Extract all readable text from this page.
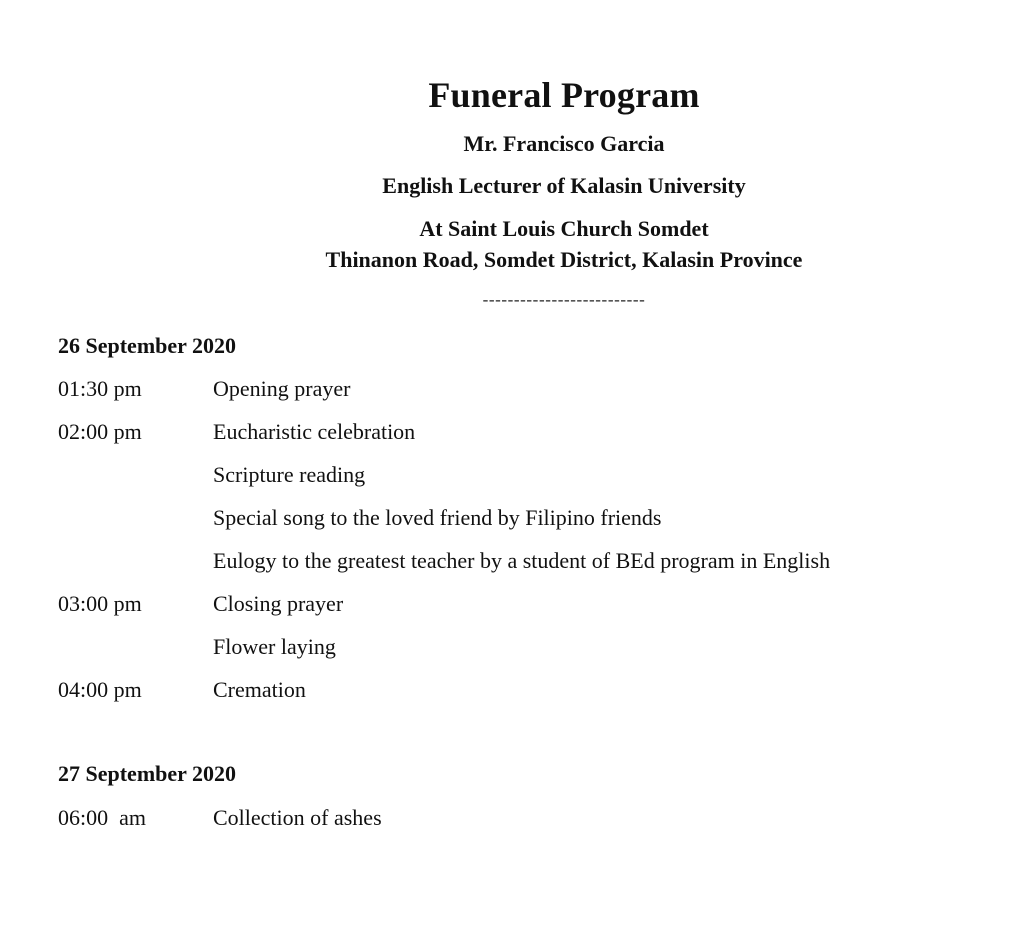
Funeral Program
Mr. Francisco Garcia
English Lecturer of Kalasin University
At Saint Louis Church Somdet
Thinanon Road, Somdet District, Kalasin Province
--------------------------
26 September 2020
01:30 pm	Opening prayer
02:00 pm	Eucharistic celebration
Scripture reading
Special song to the loved friend by Filipino friends
Eulogy to the greatest teacher by a student of BEd program in English
03:00 pm	Closing prayer
Flower laying
04:00 pm	Cremation
27 September 2020
06:00  am	Collection of ashes
